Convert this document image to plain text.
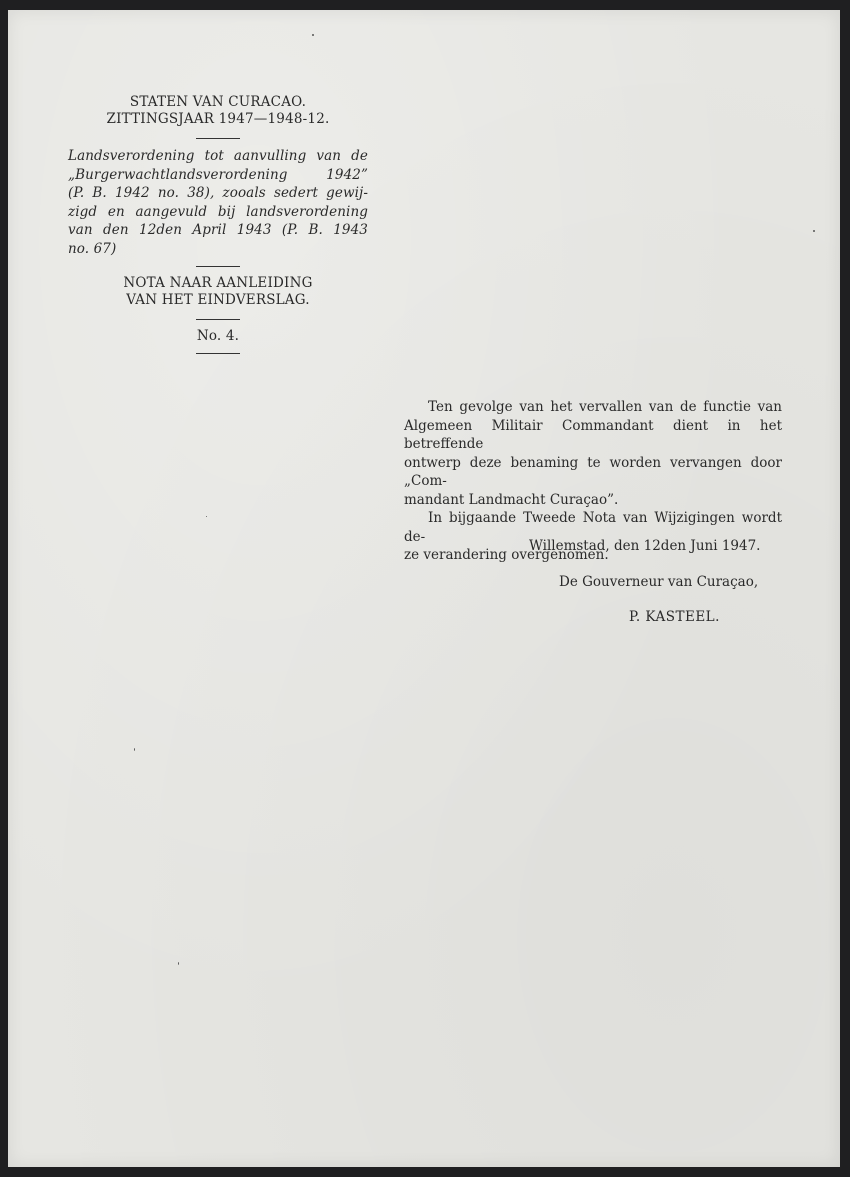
STATEN VAN CURACAO.
ZITTINGSJAAR 1947—1948-12.
Landsverordening tot aanvulling van de
„Burgerwachtlandsverordening 1942”
(P. B. 1942 no. 38), zooals sedert gewij-
zigd en aangevuld bij landsverordening
van den 12den April 1943 (P. B. 1943
no. 67)
NOTA NAAR AANLEIDING
VAN HET EINDVERSLAG.
No. 4.

Ten gevolge van het vervallen van de functie van
Algemeen Militair Commandant dient in het betreffende
ontwerp deze benaming te worden vervangen door „Com-
mandant Landmacht Curaçao”.

In bijgaande Tweede Nota van Wijzigingen wordt de-
ze verandering overgenomen.

Willemstad, den 12den Juni 1947.
De Gouverneur van Curaçao,
P. KASTEEL.
